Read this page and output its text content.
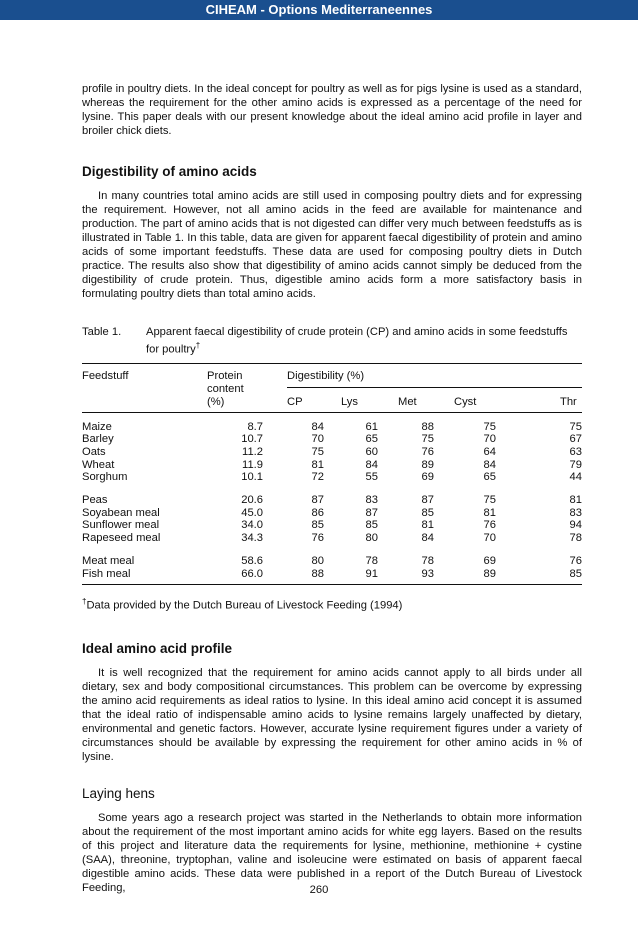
CIHEAM - Options Mediterraneennes

profile in poultry diets. In the ideal concept for poultry as well as for pigs lysine is used as a standard, whereas the requirement for the other amino acids is expressed as a percentage of the need for lysine. This paper deals with our present knowledge about the ideal amino acid profile in layer and broiler chick diets.

Digestibility of amino acids

In many countries total amino acids are still used in composing poultry diets and for expressing the requirement. However, not all amino acids in the feed are available for maintenance and production. The part of amino acids that is not digested can differ very much between feedstuffs as is illustrated in Table 1. In this table, data are given for apparent faecal digestibility of protein and amino acids of some important feedstuffs. These data are used for composing poultry diets in Dutch practice. The results also show that digestibility of amino acids cannot simply be deduced from the digestibility of crude protein. Thus, digestible amino acids form a more satisfactory basis in formulating poultry diets than total amino acids.

Table 1.	Apparent faecal digestibility of crude protein (CP) and amino acids in some feedstuffs for poultry†
Feedstuff	Protein
content
(%)
Digestibility (%)
CP	Lys	Met	Cyst	Thr
Maize	8.7	84	61	88	75	75
Barley	10.7	70	65	75	70	67
Oats	11.2	75	60	76	64	63
Wheat	11.9	81	84	89	84	79
Sorghum	10.1	72	55	69	65	44
Peas	20.6	87	83	87	75	81
Soyabean meal	45.0	86	87	85	81	83
Sunflower meal	34.0	85	85	81	76	94
Rapeseed meal	34.3	76	80	84	70	78
Meat meal	58.6	80	78	78	69	76
Fish meal	66.0	88	91	93	89	85

†Data provided by the Dutch Bureau of Livestock Feeding (1994)

Ideal amino acid profile

It is well recognized that the requirement for amino acids cannot apply to all birds under all dietary, sex and body compositional circumstances. This problem can be overcome by expressing the amino acid requirements as ideal ratios to lysine. In this ideal amino acid concept it is assumed that the ideal ratio of indispensable amino acids to lysine remains largely unaffected by dietary, environmental and genetic factors. However, accurate lysine requirement figures under a variety of circumstances should be available by expressing the requirement for other amino acids in % of lysine.

Laying hens

Some years ago a research project was started in the Netherlands to obtain more information about the requirement of the most important amino acids for white egg layers. Based on the results of this project and literature data the requirements for lysine, methionine, methionine + cystine (SAA), threonine, tryptophan, valine and isoleucine were estimated on basis of apparent faecal digestible amino acids. These data were published in a report of the Dutch Bureau of Livestock Feeding,	260
